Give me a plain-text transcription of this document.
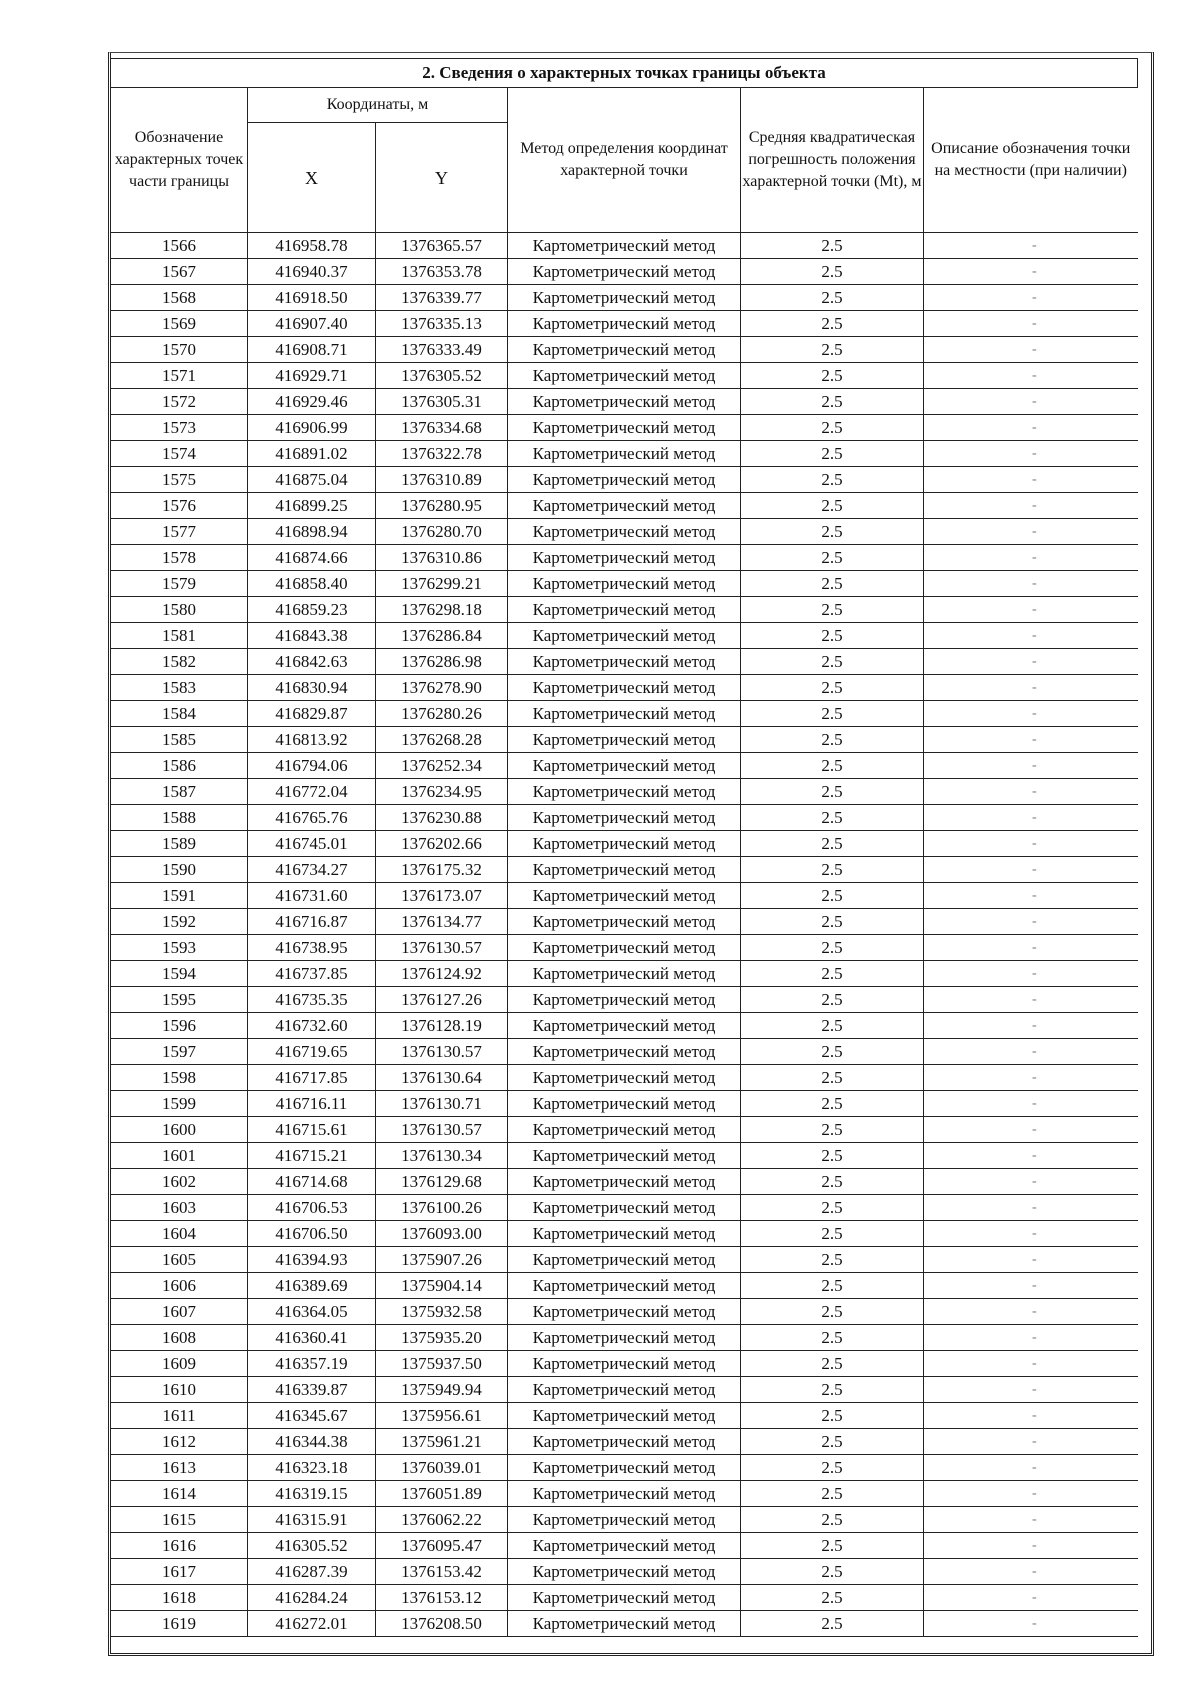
2. Сведения о характерных точках границы объекта					
Обозначение характерных точек части границы	Координаты, м		Метод определения координат характерной точки	Средняя квадратическая погрешность положения характерной точки (Mt), м	Описание обозначения точки на местности (при наличии)
	X	Y			
1566	416958.78	1376365.57	Картометрический метод	2.5	-
1567	416940.37	1376353.78	Картометрический метод	2.5	-
1568	416918.50	1376339.77	Картометрический метод	2.5	-
1569	416907.40	1376335.13	Картометрический метод	2.5	-
1570	416908.71	1376333.49	Картометрический метод	2.5	-
1571	416929.71	1376305.52	Картометрический метод	2.5	-
1572	416929.46	1376305.31	Картометрический метод	2.5	-
1573	416906.99	1376334.68	Картометрический метод	2.5	-
1574	416891.02	1376322.78	Картометрический метод	2.5	-
1575	416875.04	1376310.89	Картометрический метод	2.5	-
1576	416899.25	1376280.95	Картометрический метод	2.5	-
1577	416898.94	1376280.70	Картометрический метод	2.5	-
1578	416874.66	1376310.86	Картометрический метод	2.5	-
1579	416858.40	1376299.21	Картометрический метод	2.5	-
1580	416859.23	1376298.18	Картометрический метод	2.5	-
1581	416843.38	1376286.84	Картометрический метод	2.5	-
1582	416842.63	1376286.98	Картометрический метод	2.5	-
1583	416830.94	1376278.90	Картометрический метод	2.5	-
1584	416829.87	1376280.26	Картометрический метод	2.5	-
1585	416813.92	1376268.28	Картометрический метод	2.5	-
1586	416794.06	1376252.34	Картометрический метод	2.5	-
1587	416772.04	1376234.95	Картометрический метод	2.5	-
1588	416765.76	1376230.88	Картометрический метод	2.5	-
1589	416745.01	1376202.66	Картометрический метод	2.5	-
1590	416734.27	1376175.32	Картометрический метод	2.5	-
1591	416731.60	1376173.07	Картометрический метод	2.5	-
1592	416716.87	1376134.77	Картометрический метод	2.5	-
1593	416738.95	1376130.57	Картометрический метод	2.5	-
1594	416737.85	1376124.92	Картометрический метод	2.5	-
1595	416735.35	1376127.26	Картометрический метод	2.5	-
1596	416732.60	1376128.19	Картометрический метод	2.5	-
1597	416719.65	1376130.57	Картометрический метод	2.5	-
1598	416717.85	1376130.64	Картометрический метод	2.5	-
1599	416716.11	1376130.71	Картометрический метод	2.5	-
1600	416715.61	1376130.57	Картометрический метод	2.5	-
1601	416715.21	1376130.34	Картометрический метод	2.5	-
1602	416714.68	1376129.68	Картометрический метод	2.5	-
1603	416706.53	1376100.26	Картометрический метод	2.5	-
1604	416706.50	1376093.00	Картометрический метод	2.5	-
1605	416394.93	1375907.26	Картометрический метод	2.5	-
1606	416389.69	1375904.14	Картометрический метод	2.5	-
1607	416364.05	1375932.58	Картометрический метод	2.5	-
1608	416360.41	1375935.20	Картометрический метод	2.5	-
1609	416357.19	1375937.50	Картометрический метод	2.5	-
1610	416339.87	1375949.94	Картометрический метод	2.5	-
1611	416345.67	1375956.61	Картометрический метод	2.5	-
1612	416344.38	1375961.21	Картометрический метод	2.5	-
1613	416323.18	1376039.01	Картометрический метод	2.5	-
1614	416319.15	1376051.89	Картометрический метод	2.5	-
1615	416315.91	1376062.22	Картометрический метод	2.5	-
1616	416305.52	1376095.47	Картометрический метод	2.5	-
1617	416287.39	1376153.42	Картометрический метод	2.5	-
1618	416284.24	1376153.12	Картометрический метод	2.5	-
1619	416272.01	1376208.50	Картометрический метод	2.5	-
